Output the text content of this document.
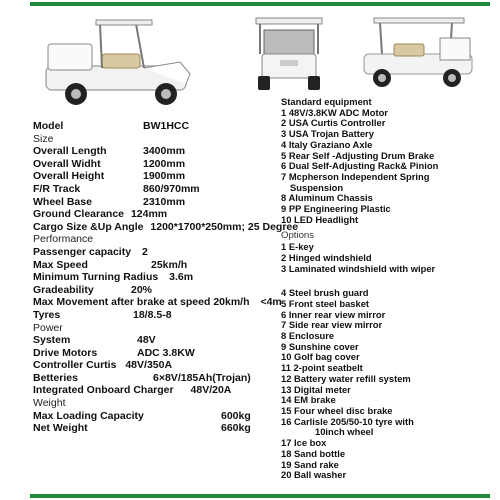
Model	BW1HCC
Size
Overall Length	3400mm
Overall Widht	1200mm
Overall Height	1900mm
F/R Track	860/970mm
Wheel Base	2310mm
Ground Clearance 124mm
Cargo Size &Up Angle 1200*1700*250mm; 25 Degree
Performance
Passenger capacity 2
Max Speed	25km/h
Minimum Turning Radius 3.6m
Gradeability	20%
Max Movement after brake at speed 20km/h <4m
Tyres	18/8.5-8
Power
System	48V
Drive Motors	ADC 3.8KW
Controller Curtis 48V/350A
Betteries	6×8V/185Ah(Trojan)
Integrated Onboard Charger 48V/20A
Weight
Max Loading Capacity	600kg
Net Weight	660kg
Standard equipment
1 48V/3.8KW ADC Motor
2 USA Curtis Controller
3 USA Trojan Battery
4 Italy Graziano Axle
5 Rear Self -Adjusting Drum Brake
6 Dual Self-Adjusting Rack& Pinion
7 Mcpherson Independent Spring
Suspension
8 Aluminum Chassis
9 PP Engineering Plastic
10 LED Headlight
Options
1 E-key
2 Hinged windshield
3 Laminated windshield with wiper
4 Steel brush guard
5 Front steel basket
6 Inner rear view mirror
7 Side rear view mirror
8 Enclosure
9 Sunshine cover
10 Golf bag cover
11 2-point seatbelt
12 Battery water refill system
13 Digital meter
14 EM brake
15 Four wheel disc brake
16 Carlisle 205/50-10 tyre with
10inch wheel
17 Ice box
18 Sand bottle
19 Sand rake
20 Ball washer
